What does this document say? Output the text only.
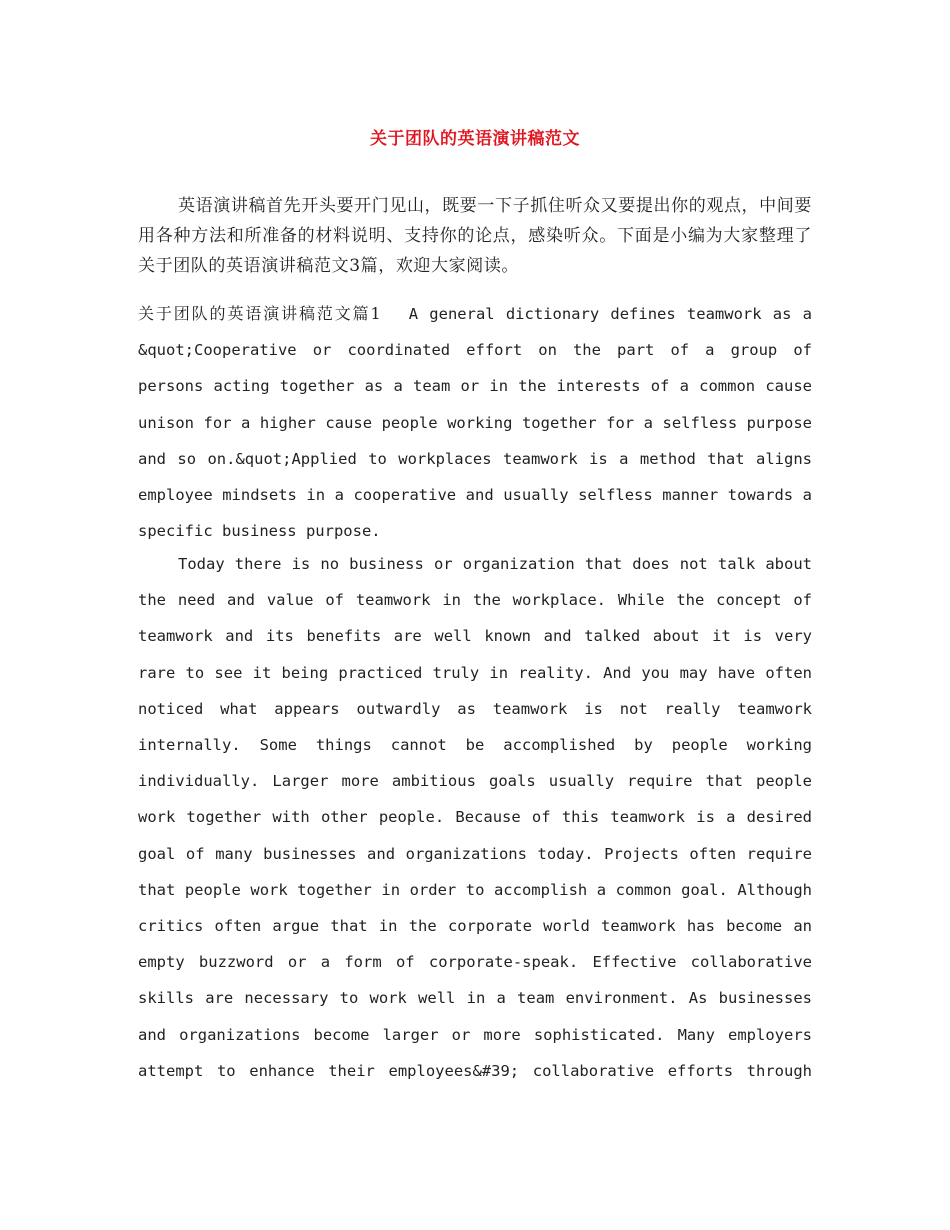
关于团队的英语演讲稿范文
英语演讲稿首先开头要开门见山，既要一下子抓住听众又要提出你的观点，中间要用各种方法和所准备的材料说明、支持你的论点，感染听众。下面是小编为大家整理了关于团队的英语演讲稿范文3篇，欢迎大家阅读。
关于团队的英语演讲稿范文篇1 A general dictionary defines teamwork as a &quot;Cooperative or coordinated effort on the part of a group of persons acting together as a team or in the interests of a common cause unison for a higher cause people working together for a selfless purpose and so on.&quot;Applied to workplaces teamwork is a method that aligns employee mindsets in a cooperative and usually selfless manner towards a specific business purpose.
Today there is no business or organization that does not talk about the need and value of teamwork in the workplace. While the concept of teamwork and its benefits are well known and talked about it is very rare to see it being practiced truly in reality. And you may have often noticed what appears outwardly as teamwork is not really teamwork internally. Some things cannot be accomplished by people working individually. Larger more ambitious goals usually require that people work together with other people. Because of this teamwork is a desired goal of many businesses and organizations today. Projects often require that people work together in order to accomplish a common goal. Although critics often argue that in the corporate world teamwork has become an empty buzzword or a form of corporate-speak. Effective collaborative skills are necessary to work well in a team environment. As businesses and organizations become larger or more sophisticated. Many employers attempt to enhance their employees&#39; collaborative efforts through
